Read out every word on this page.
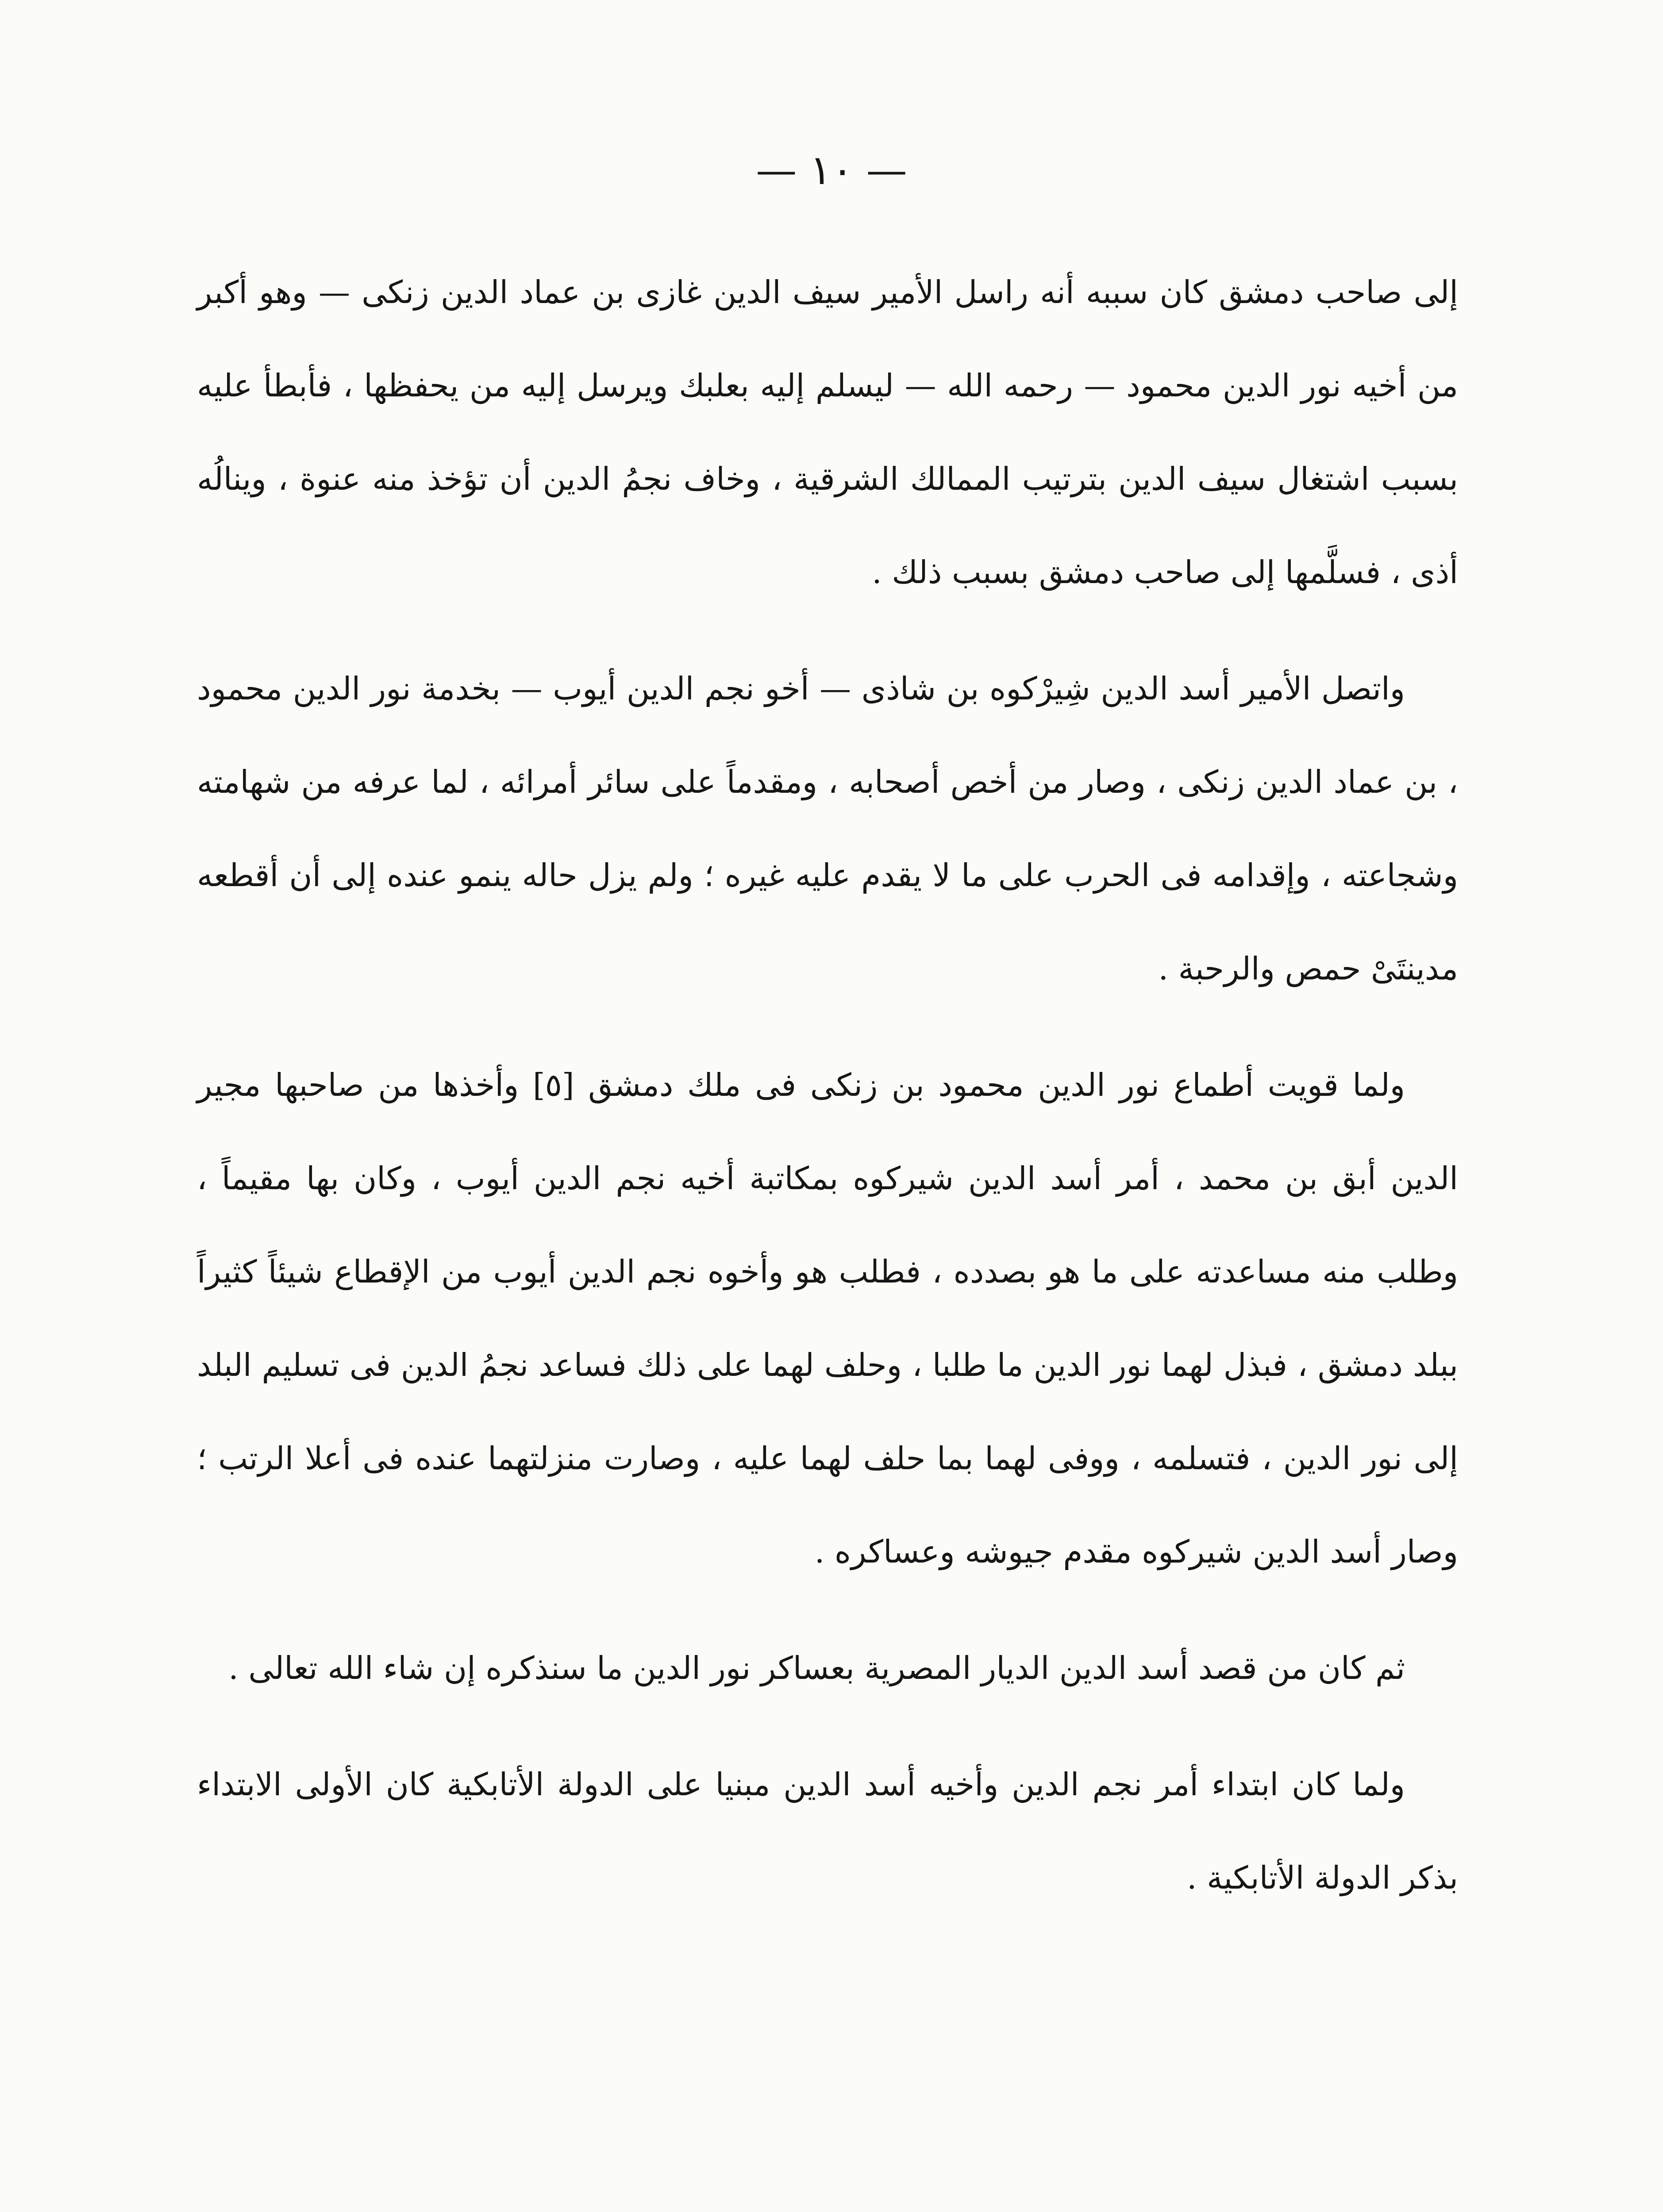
— ١٠ —

إلى صاحب دمشق كان سببه أنه راسل الأمير سيف الدين غازى بن عماد الدين زنكى — وهو أكبر من أخيه نور الدين محمود — رحمه الله — ليسلم إليه بعلبك ويرسل إليه من يحفظها ، فأبطأ عليه بسبب اشتغال سيف الدين بترتيب الممالك الشرقية ، وخاف نجمُ الدين أن تؤخذ منه عنوة ، وينالُه أذى ، فسلَّمها إلى صاحب دمشق بسبب ذلك .

واتصل الأمير أسد الدين شِيرْكوه بن شاذى — أخو نجم الدين أيوب — بخدمة نور الدين محمود ، بن عماد الدين زنكى ، وصار من أخص أصحابه ، ومقدماً على سائر أمرائه ، لما عرفه من شهامته وشجاعته ، وإقدامه فى الحرب على ما لا يقدم عليه غيره ؛ ولم يزل حاله ينمو عنده إلى أن أقطعه مدينتَىْ حمص والرحبة .

ولما قويت أطماع نور الدين محمود بن زنكى فى ملك دمشق [٥] وأخذها من صاحبها مجير الدين أبق بن محمد ، أمر أسد الدين شيركوه بمكاتبة أخيه نجم الدين أيوب ، وكان بها مقيماً ، وطلب منه مساعدته على ما هو بصدده ، فطلب هو وأخوه نجم الدين أيوب من الإقطاع شيئاً كثيراً ببلد دمشق ، فبذل لهما نور الدين ما طلبا ، وحلف لهما على ذلك فساعد نجمُ الدين فى تسليم البلد إلى نور الدين ، فتسلمه ، ووفى لهما بما حلف لهما عليه ، وصارت منزلتهما عنده فى أعلا الرتب ؛ وصار أسد الدين شيركوه مقدم جيوشه وعساكره .

ثم كان من قصد أسد الدين الديار المصرية بعساكر نور الدين ما سنذكره إن شاء الله تعالى .

ولما كان ابتداء أمر نجم الدين وأخيه أسد الدين مبنيا على الدولة الأتابكية كان الأولى الابتداء بذكر الدولة الأتابكية .
